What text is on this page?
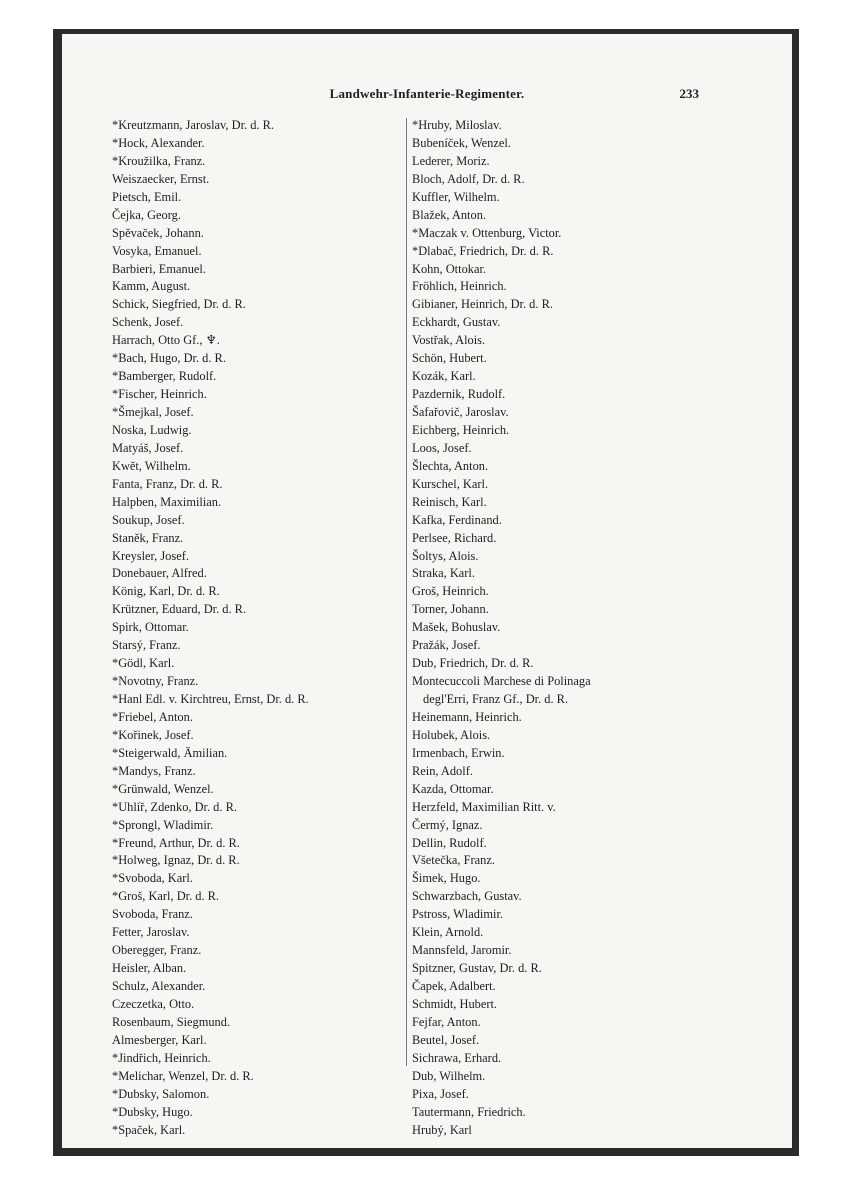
Landwehr-Infanterie-Regimenter.	233
*Kreutzmann, Jaroslav, Dr. d. R.
*Hock, Alexander.
*Kroužilka, Franz.
Weiszaecker, Ernst.
Pietsch, Emil.
Čejka, Georg.
Spěvaček, Johann.
Vosyka, Emanuel.
Barbieri, Emanuel.
Kamm, August.
Schick, Siegfried, Dr. d. R.
Schenk, Josef.
Harrach, Otto Gf., ♆.
*Bach, Hugo, Dr. d. R.
*Bamberger, Rudolf.
*Fischer, Heinrich.
*Šmejkal, Josef.
Noska, Ludwig.
Matyáš, Josef.
Kwět, Wilhelm.
Fanta, Franz, Dr. d. R.
Halpben, Maximilian.
Soukup, Josef.
Staněk, Franz.
Kreysler, Josef.
Donebauer, Alfred.
König, Karl, Dr. d. R.
Krützner, Eduard, Dr. d. R.
Spirk, Ottomar.
Starsý, Franz.
*Gödl, Karl.
*Novotny, Franz.
*Hanl Edl. v. Kirchtreu, Ernst, Dr. d. R.
*Friebel, Anton.
*Kořinek, Josef.
*Steigerwald, Ämilian.
*Mandys, Franz.
*Grünwald, Wenzel.
*Uhlíř, Zdenko, Dr. d. R.
*Sprongl, Wladimir.
*Freund, Arthur, Dr. d. R.
*Holweg, Ignaz, Dr. d. R.
*Svoboda, Karl.
*Groš, Karl, Dr. d. R.
Svoboda, Franz.
Fetter, Jaroslav.
Oberegger, Franz.
Heisler, Alban.
Schulz, Alexander.
Czeczetka, Otto.
Rosenbaum, Siegmund.
Almesberger, Karl.
*Jindřich, Heinrich.
*Melichar, Wenzel, Dr. d. R.
*Dubsky, Salomon.
*Dubsky, Hugo.
*Spaček, Karl.
*Hruby, Miloslav.
Bubeníček, Wenzel.
Lederer, Moriz.
Bloch, Adolf, Dr. d. R.
Kuffler, Wilhelm.
Blažek, Anton.
*Maczak v. Ottenburg, Victor.
*Dlabač, Friedrich, Dr. d. R.
Kohn, Ottokar.
Fröhlich, Heinrich.
Gibianer, Heinrich, Dr. d. R.
Eckhardt, Gustav.
Vostřak, Alois.
Schön, Hubert.
Kozák, Karl.
Pazdernik, Rudolf.
Šafařovič, Jaroslav.
Eichberg, Heinrich.
Loos, Josef.
Šlechta, Anton.
Kurschel, Karl.
Reinisch, Karl.
Kafka, Ferdinand.
Perlsee, Richard.
Šoltys, Alois.
Straka, Karl.
Groš, Heinrich.
Torner, Johann.
Mašek, Bohuslav.
Pražák, Josef.
Dub, Friedrich, Dr. d. R.
Montecuccoli Marchese di Polinaga
degl'Erri, Franz Gf., Dr. d. R.
Heinemann, Heinrich.
Holubek, Alois.
Irmenbach, Erwin.
Rein, Adolf.
Kazda, Ottomar.
Herzfeld, Maximilian Ritt. v.
Čermý, Ignaz.
Dellin, Rudolf.
Všetečka, Franz.
Šimek, Hugo.
Schwarzbach, Gustav.
Pstross, Wladimir.
Klein, Arnold.
Mannsfeld, Jaromir.
Spitzner, Gustav, Dr. d. R.
Čapek, Adalbert.
Schmidt, Hubert.
Fejfar, Anton.
Beutel, Josef.
Sichrawa, Erhard.
Dub, Wilhelm.
Pixa, Josef.
Tautermann, Friedrich.
Hrubý, Karl
